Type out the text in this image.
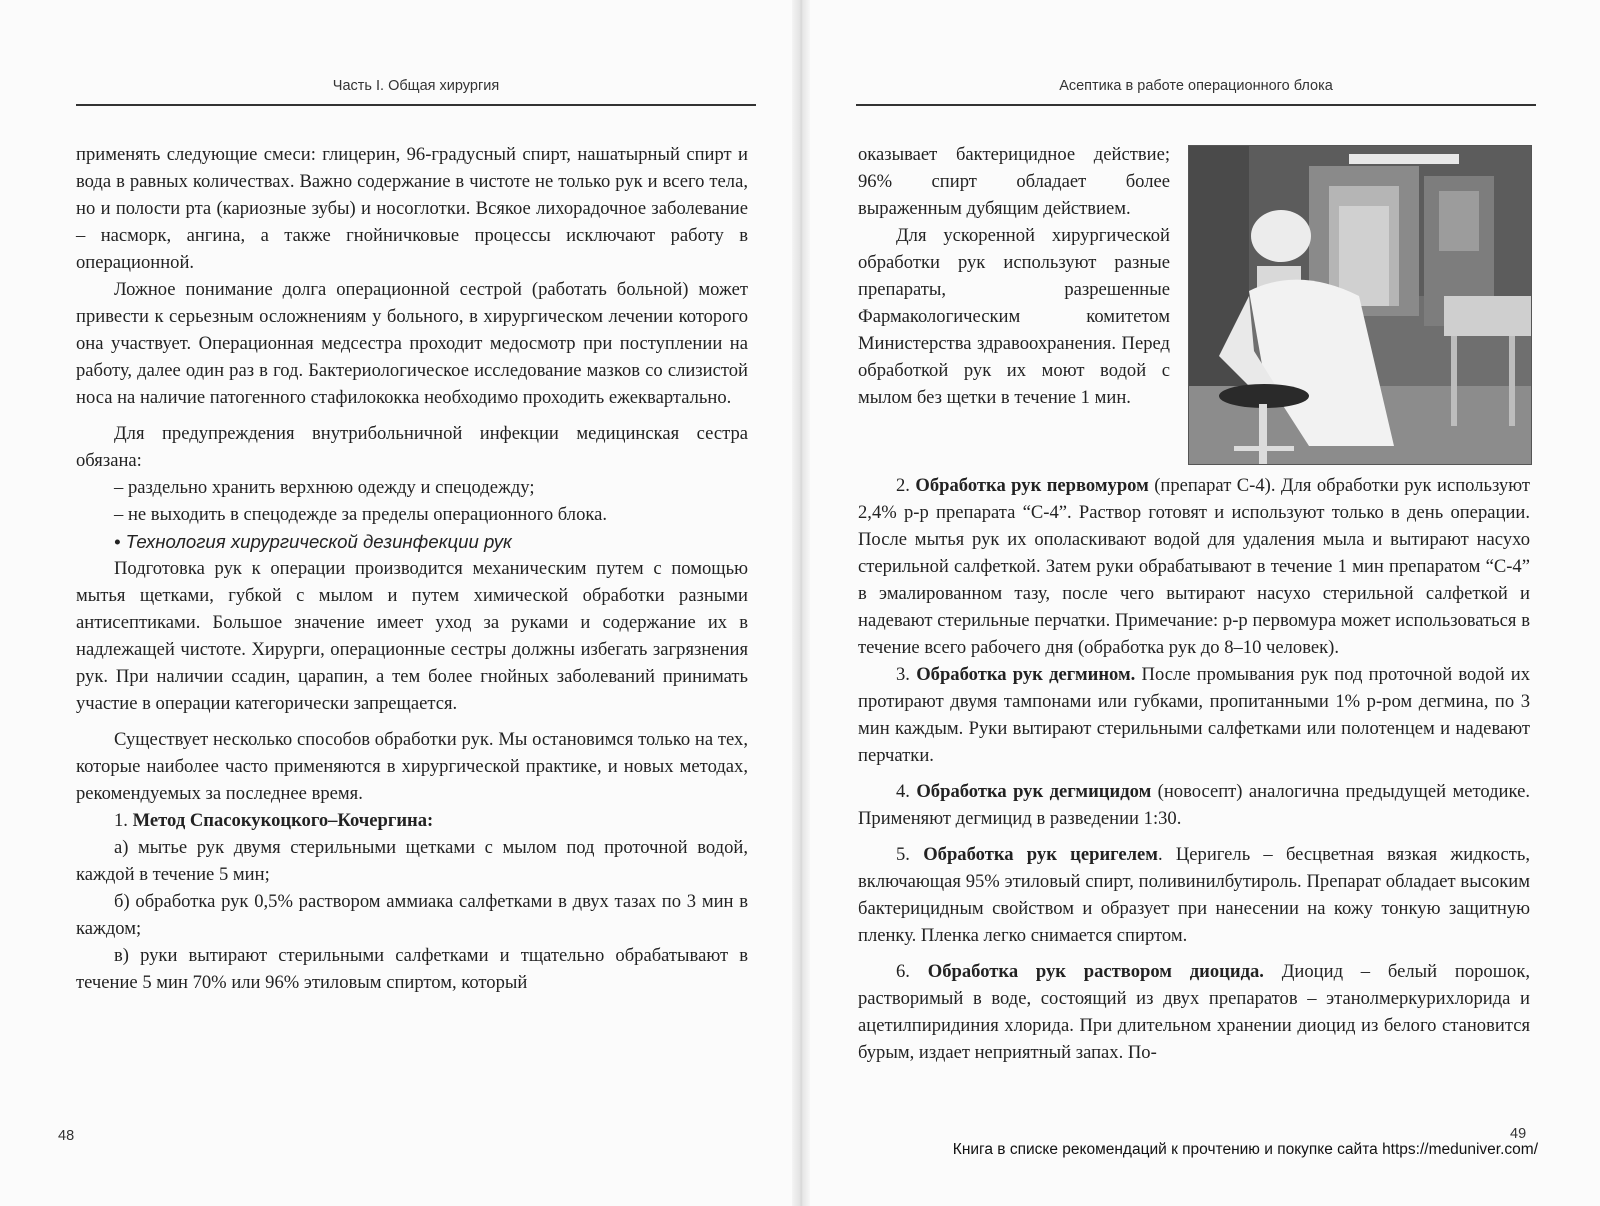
Часть I. Общая хирургия

применять следующие смеси: глицерин, 96-градусный спирт, нашатырный спирт и вода в равных количествах. Важно содержание в чистоте не только рук и всего тела, но и полости рта (кариозные зубы) и носоглотки. Всякое лихорадочное заболевание – насморк, ангина, а также гнойничковые процессы исключают работу в операционной.

Ложное понимание долга операционной сестрой (работать больной) может привести к серьезным осложнениям у больного, в хирургическом лечении которого она участвует. Операционная медсестра проходит медосмотр при поступлении на работу, далее один раз в год. Бактериологическое исследование мазков со слизистой носа на наличие патогенного стафилококка необходимо проходить ежеквартально.

Для предупреждения внутрибольничной инфекции медицинская сестра обязана:

– раздельно хранить верхнюю одежду и спецодежду;

– не выходить в спецодежде за пределы операционного блока.

• Технология хирургической дезинфекции рук

Подготовка рук к операции производится механическим путем с помощью мытья щетками, губкой с мылом и путем химической обработки разными антисептиками. Большое значение имеет уход за руками и содержание их в надлежащей чистоте. Хирурги, операционные сестры должны избегать загрязнения рук. При наличии ссадин, царапин, а тем более гнойных заболеваний принимать участие в операции категорически запрещается.

Существует несколько способов обработки рук. Мы остановимся только на тех, которые наиболее часто применяются в хирургической практике, и новых методах, рекомендуемых за последнее время.

1. Метод Спасокукоцкого–Кочергина:

а) мытье рук двумя стерильными щетками с мылом под проточной водой, каждой в течение 5 мин;

б) обработка рук 0,5% раствором аммиака салфетками в двух тазах по 3 мин в каждом;

в) руки вытирают стерильными салфетками и тщательно обрабатывают в течение 5 мин 70% или 96% этиловым спиртом, который

48
Асептика в работе операционного блока

оказывает бактерицидное действие; 96% спирт обладает более выраженным дубящим действием.

Для ускоренной хирургической обработки рук используют разные препараты, разрешенные Фармакологическим комитетом Министерства здравоохранения. Перед обработкой рук их моют водой с мылом без щетки в течение 1 мин.

2. Обработка рук первомуром (препарат С-4). Для обработки рук используют 2,4% р-р препарата “С-4”. Раствор готовят и используют только в день операции. После мытья рук их ополаскивают водой для удаления мыла и вытирают насухо стерильной салфеткой. Затем руки обрабатывают в течение 1 мин препаратом “С-4” в эмалированном тазу, после чего вытирают насухо стерильной салфеткой и надевают стерильные перчатки. Примечание: р-р первомура может использоваться в течение всего рабочего дня (обработка рук до 8–10 человек).

3. Обработка рук дегмином. После промывания рук под проточной водой их протирают двумя тампонами или губками, пропитанными 1% р-ром дегмина, по 3 мин каждым. Руки вытирают стерильными салфетками или полотенцем и надевают перчатки.

4. Обработка рук дегмицидом (новосепт) аналогична предыдущей методике. Применяют дегмицид в разведении 1:30.

5. Обработка рук церигелем. Церигель – бесцветная вязкая жидкость, включающая 95% этиловый спирт, поливинилбутироль. Препарат обладает высоким бактерицидным свойством и образует при нанесении на кожу тонкую защитную пленку. Пленка легко снимается спиртом.

6. Обработка рук раствором диоцида. Диоцид – белый порошок, растворимый в воде, состоящий из двух препаратов – этанолмеркурихлорида и ацетилпиридиния хлорида. При длительном хранении диоцид из белого становится бурым, издает неприятный запах. По-

49
Книга в списке рекомендаций к прочтению и покупке сайта https://meduniver.com/
